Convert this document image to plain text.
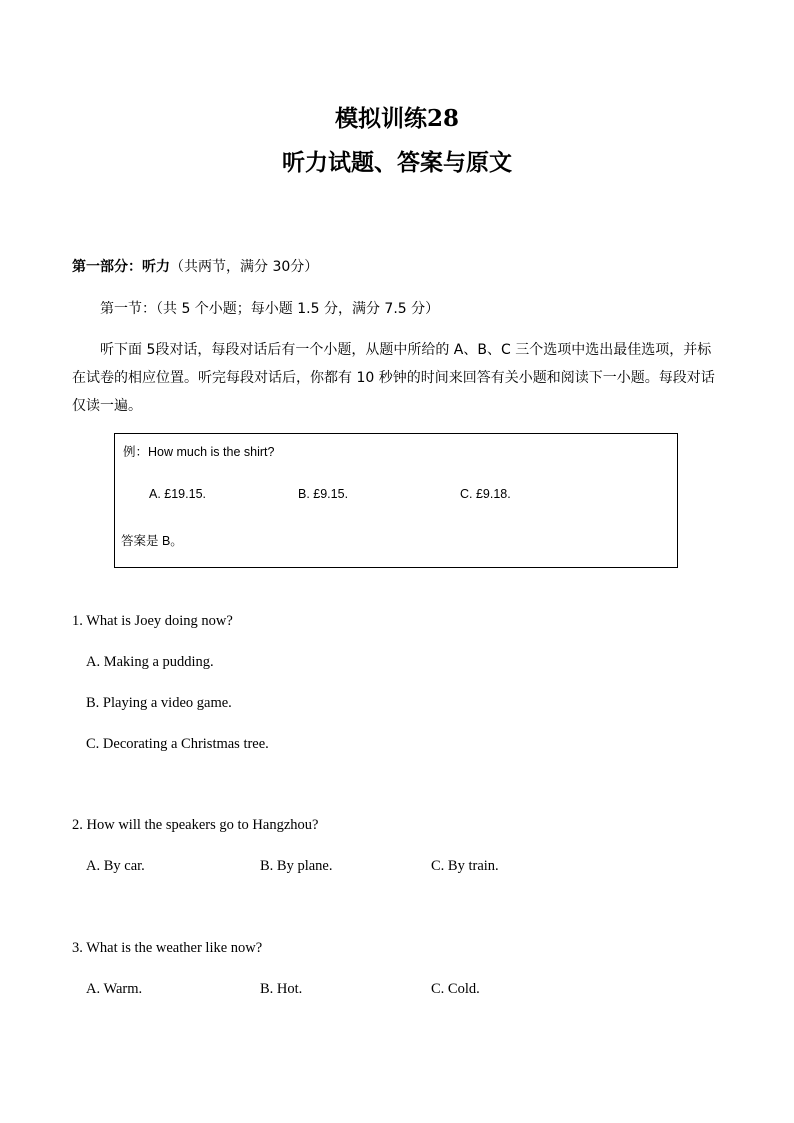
模拟训练28
听力试题、答案与原文
第一部分：听力（共两节，满分 30分）
第一节：（共 5 个小题；每小题 1.5 分，满分 7.5 分）
听下面 5段对话，每段对话后有一个小题，从题中所给的 A、B、C 三个选项中选出最佳选项，并标在试卷的相应位置。听完每段对话后，你都有 10 秒钟的时间来回答有关小题和阅读下一小题。每段对话仅读一遍。
例：How much is the shirt?
A. £19.15.	B. £9.15.	C. £9.18.
答案是 B。
1. What is Joey doing now?
A. Making a pudding.
B. Playing a video game.
C. Decorating a Christmas tree.
2. How will the speakers go to Hangzhou?
A. By car.	B. By plane.	C. By train.
3. What is the weather like now?
A. Warm.	B. Hot.	C. Cold.
